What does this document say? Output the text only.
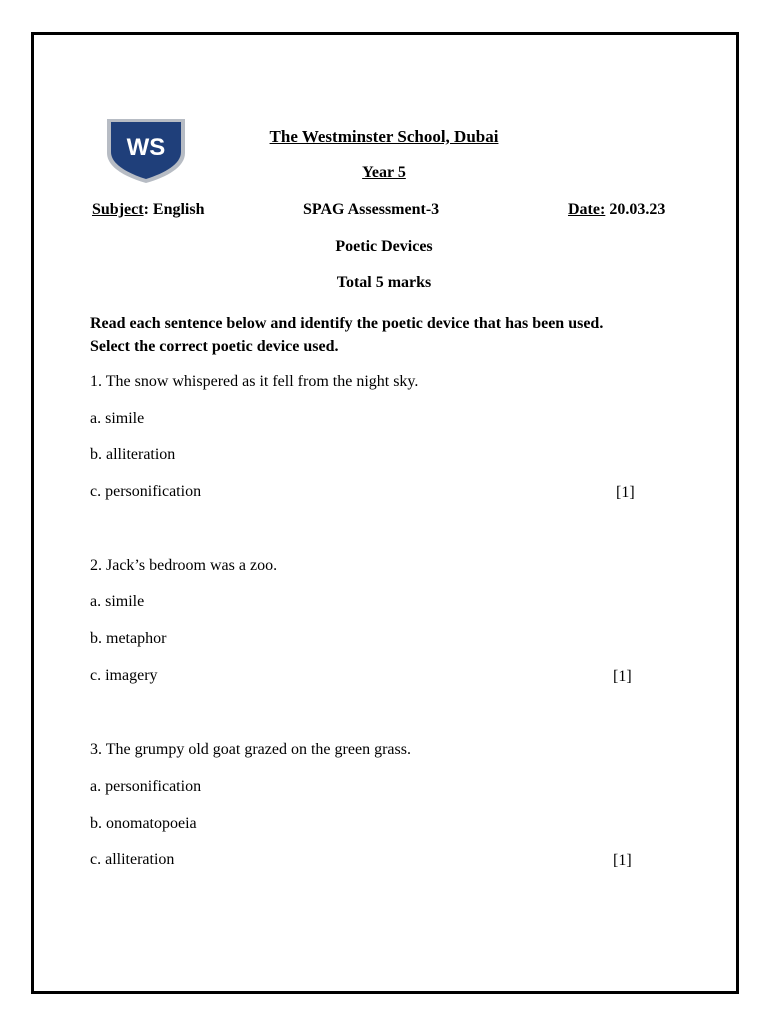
WS	The Westminster School, Dubai
Year 5
Subject: English	SPAG Assessment-3	Date: 20.03.23
Poetic Devices
Total 5 marks
Read each sentence below and identify the poetic device that has been used.
Select the correct poetic device used.
1. The snow whispered as it fell from the night sky.
a. simile
b. alliteration
c. personification	[1]
2. Jack’s bedroom was a zoo.
a. simile
b. metaphor
c. imagery	[1]
3. The grumpy old goat grazed on the green grass.
a. personification
b. onomatopoeia
c. alliteration	[1]
